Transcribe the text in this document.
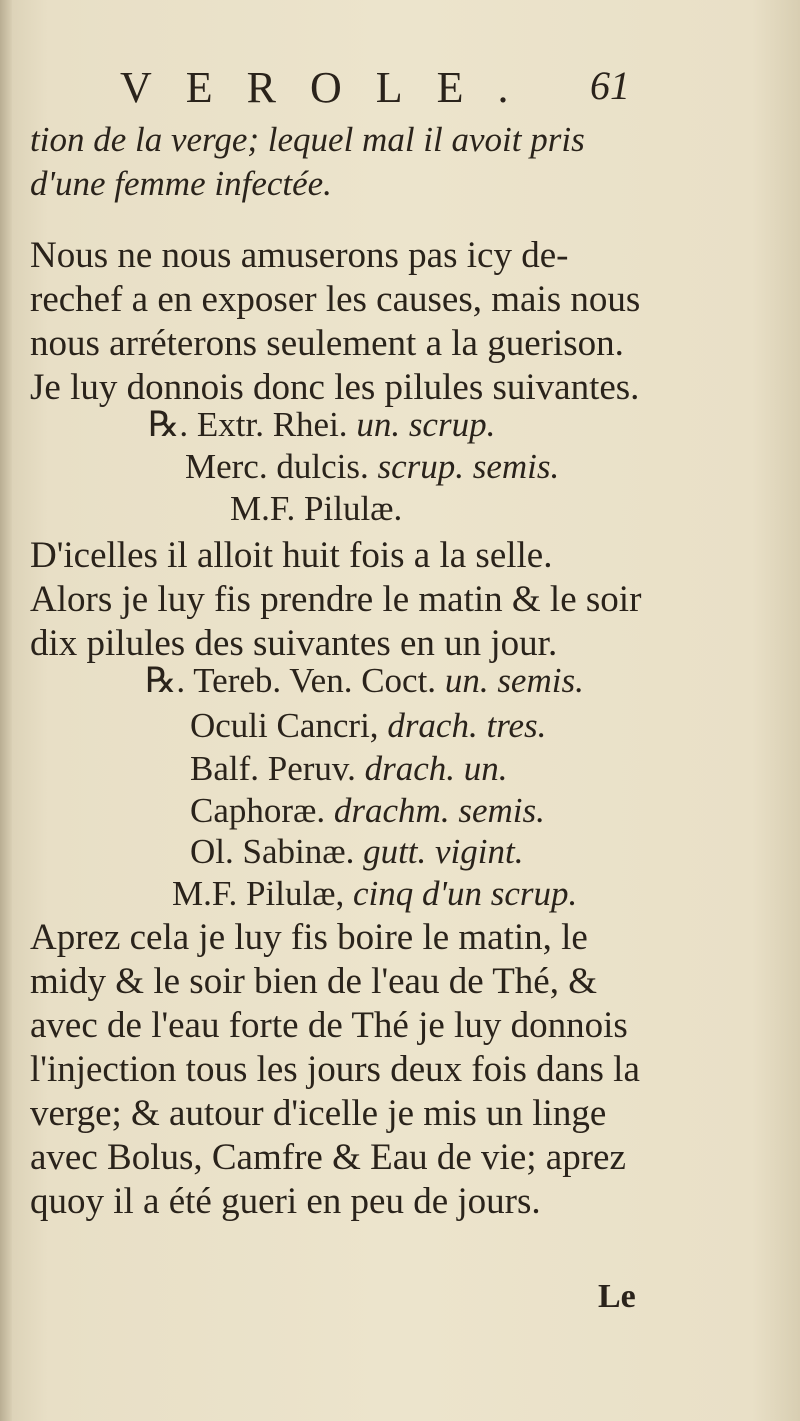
VEROLE. 61
tion de la verge; lequel mal il avoit pris
d'une femme infectée.
Nous ne nous amuserons pas icy de-
rechef a en exposer les causes, mais nous
nous arréterons seulement a la guerison.
Je luy donnois donc les pilules suivantes.
℞. Extr. Rhei. un. scrup.
Merc. dulcis. scrup. semis.
M.F. Pilulæ.
D'icelles il alloit huit fois a la selle.
Alors je luy fis prendre le matin & le soir
dix pilules des suivantes en un jour.
℞. Tereb. Ven. Coct. un. semis.
Oculi Cancri, drach. tres.
Balf. Peruv. drach. un.
Caphoræ. drachm. semis.
Ol. Sabinæ. gutt. vigint.
M.F. Pilulæ, cinq d'un scrup.
Aprez cela je luy fis boire le matin, le
midy & le soir bien de l'eau de Thé, &
avec de l'eau forte de Thé je luy donnois
l'injection tous les jours deux fois dans la
verge; & autour d'icelle je mis un linge
avec Bolus, Camfre & Eau de vie; aprez
quoy il a été gueri en peu de jours.
Le
